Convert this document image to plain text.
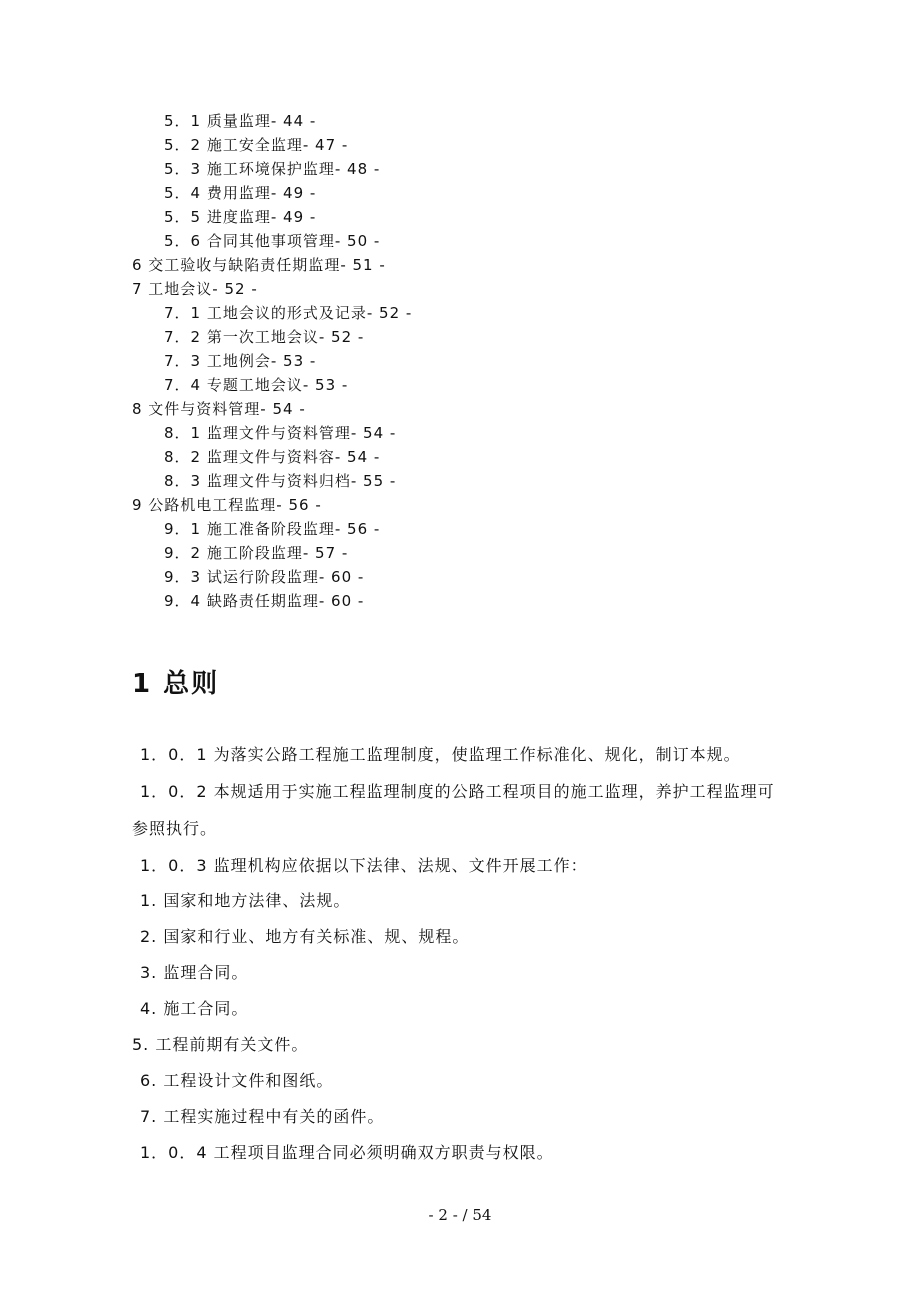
5．1 质量监理- 44 -
5．2 施工安全监理- 47 -
5．3 施工环境保护监理- 48 -
5．4 费用监理- 49 -
5．5 进度监理- 49 -
5．6 合同其他事项管理- 50 -
6 交工验收与缺陷责任期监理- 51 -
7 工地会议- 52 -
7．1 工地会议的形式及记录- 52 -
7．2 第一次工地会议- 52 -
7．3 工地例会- 53 -
7．4 专题工地会议- 53 -
8 文件与资料管理- 54 -
8．1 监理文件与资料管理- 54 -
8．2 监理文件与资料容- 54 -
8．3 监理文件与资料归档- 55 -
9 公路机电工程监理- 56 -
9．1 施工准备阶段监理- 56 -
9．2 施工阶段监理- 57 -
9．3 试运行阶段监理- 60 -
9．4 缺路责任期监理- 60 -
1 总则
1．0．1 为落实公路工程施工监理制度，使监理工作标准化、规化，制订本规。
1．0．2 本规适用于实施工程监理制度的公路工程项目的施工监理，养护工程监理可
参照执行。
1．0．3 监理机构应依据以下法律、法规、文件开展工作：
1. 国家和地方法律、法规。
2. 国家和行业、地方有关标准、规、规程。
3. 监理合同。
4. 施工合同。
5. 工程前期有关文件。
6. 工程设计文件和图纸。
7. 工程实施过程中有关的函件。
1．0．4 工程项目监理合同必须明确双方职责与权限。
- 2 - / 54
